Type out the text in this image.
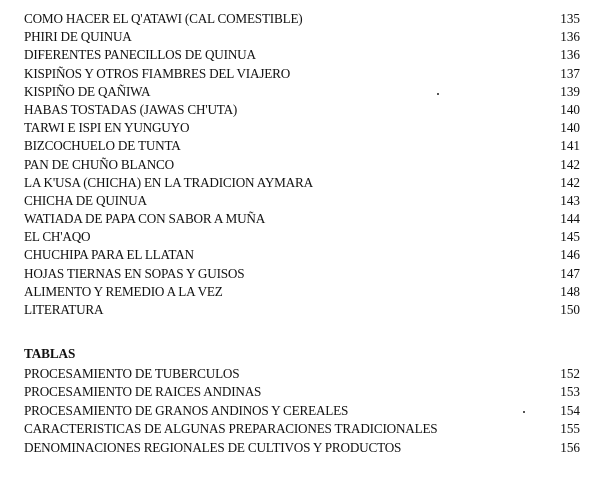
COMO HACER EL Q'ATAWI (CAL COMESTIBLE)	135
PHIRI DE QUINUA	136
DIFERENTES PANECILLOS DE QUINUA	136
KISPIÑOS Y OTROS FIAMBRES DEL VIAJERO	137
KISPIÑO DE QAÑIWA	139
HABAS TOSTADAS (JAWAS CH'UTA)	140
TARWI E ISPI EN YUNGUYO	140
BIZCOCHUELO DE TUNTA	141
PAN DE CHUÑO BLANCO	142
LA K'USA (CHICHA) EN LA TRADICION AYMARA	142
CHICHA DE QUINUA	143
WATIADA DE PAPA CON SABOR A MUÑA	144
EL CH'AQO	145
CHUCHIPA PARA EL LLATAN	146
HOJAS TIERNAS EN SOPAS Y GUISOS	147
ALIMENTO Y REMEDIO A LA VEZ	148
LITERATURA	150
TABLAS
PROCESAMIENTO DE TUBERCULOS	152
PROCESAMIENTO DE RAICES ANDINAS	153
PROCESAMIENTO DE GRANOS ANDINOS Y CEREALES	154
CARACTERISTICAS DE ALGUNAS PREPARACIONES TRADICIONALES	155
DENOMINACIONES REGIONALES DE CULTIVOS Y PRODUCTOS	156
